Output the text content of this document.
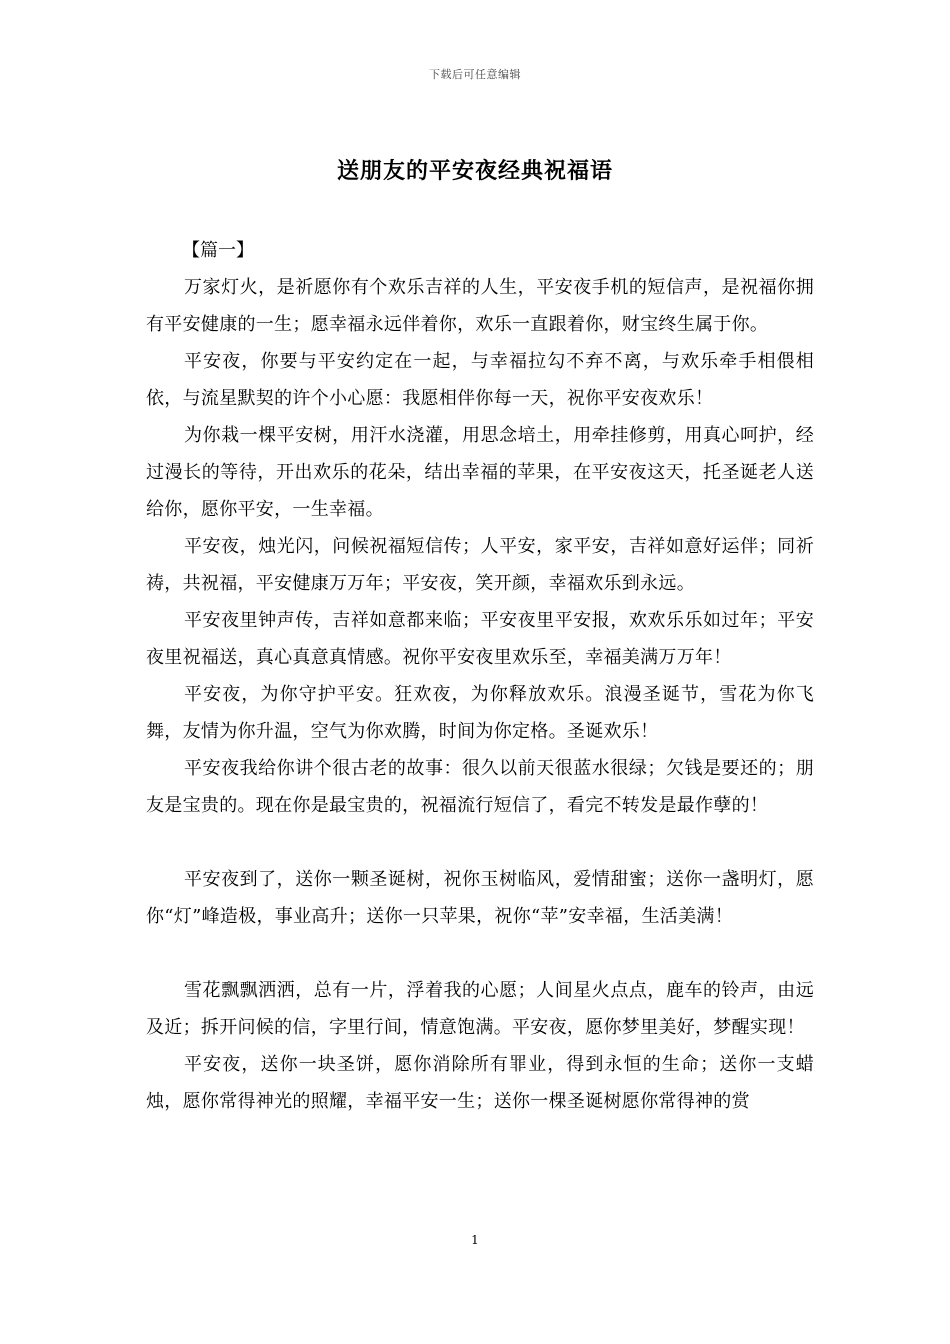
下载后可任意编辑
送朋友的平安夜经典祝福语

【篇一】

万家灯火，是祈愿你有个欢乐吉祥的人生，平安夜手机的短信声，是祝福你拥有平安健康的一生；愿幸福永远伴着你，欢乐一直跟着你，财宝终生属于你。

平安夜，你要与平安约定在一起，与幸福拉勾不弃不离，与欢乐牵手相偎相依，与流星默契的许个小心愿：我愿相伴你每一天，祝你平安夜欢乐！

为你栽一棵平安树，用汗水浇灌，用思念培土，用牵挂修剪，用真心呵护，经过漫长的等待，开出欢乐的花朵，结出幸福的苹果，在平安夜这天，托圣诞老人送给你，愿你平安，一生幸福。

平安夜，烛光闪，问候祝福短信传；人平安，家平安，吉祥如意好运伴；同祈祷，共祝福，平安健康万万年；平安夜，笑开颜，幸福欢乐到永远。

平安夜里钟声传，吉祥如意都来临；平安夜里平安报，欢欢乐乐如过年；平安夜里祝福送，真心真意真情感。祝你平安夜里欢乐至，幸福美满万万年！

平安夜，为你守护平安。狂欢夜，为你释放欢乐。浪漫圣诞节，雪花为你飞舞，友情为你升温，空气为你欢腾，时间为你定格。圣诞欢乐！

平安夜我给你讲个很古老的故事：很久以前天很蓝水很绿；欠钱是要还的；朋友是宝贵的。现在你是最宝贵的，祝福流行短信了，看完不转发是最作孽的！

平安夜到了，送你一颗圣诞树，祝你玉树临风，爱情甜蜜；送你一盏明灯，愿你“灯”峰造极，事业高升；送你一只苹果，祝你“苹”安幸福，生活美满！

雪花飘飘洒洒，总有一片，浮着我的心愿；人间星火点点，鹿车的铃声，由远及近；拆开问候的信，字里行间，情意饱满。平安夜，愿你梦里美好，梦醒实现！

平安夜，送你一块圣饼，愿你消除所有罪业，得到永恒的生命；送你一支蜡烛，愿你常得神光的照耀，幸福平安一生；送你一棵圣诞树愿你常得神的赏

1
